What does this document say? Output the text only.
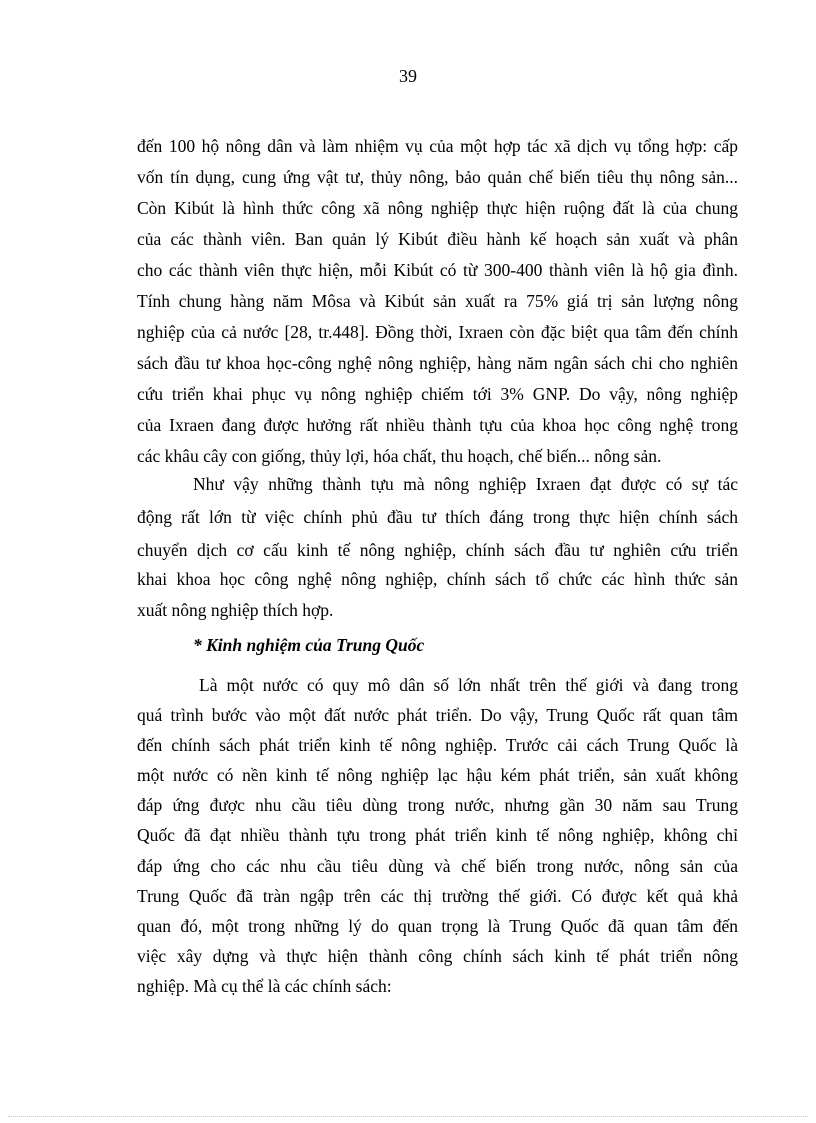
39
đến 100 hộ nông dân và làm nhiệm vụ của một hợp tác xã dịch vụ tổng hợp: cấp
vốn tín dụng, cung ứng vật tư, thủy nông, bảo quản chế biến tiêu thụ nông sản...
Còn Kibút là hình thức công xã nông nghiệp thực hiện ruộng đất là của chung
của các thành viên. Ban quản lý Kibút điều hành kế hoạch sản xuất và phân
cho các thành viên thực hiện, mỗi Kibút có từ 300-400 thành viên là hộ gia đình.
Tính chung hàng năm Môsa và Kibút sản xuất ra 75% giá trị sản lượng nông
nghiệp của cả nước [28, tr.448]. Đồng thời, Ixraen còn đặc biệt qua tâm đến chính
sách đầu tư khoa học-công nghệ nông nghiệp, hàng năm ngân sách chi cho nghiên
cứu triển khai phục vụ nông nghiệp chiếm tới 3% GNP. Do vậy, nông nghiệp
của Ixraen đang được hưởng rất nhiều thành tựu của khoa học công nghệ trong
các khâu cây con giống, thủy lợi, hóa chất, thu hoạch, chế biến... nông sản.
Như vậy những thành tựu mà nông nghiệp Ixraen đạt được có sự tác
động rất lớn từ việc chính phủ đầu tư thích đáng trong thực hiện chính sách
chuyển dịch cơ cấu kinh tế nông nghiệp, chính sách đầu tư nghiên cứu triển
khai khoa học công nghệ nông nghiệp, chính sách tổ chức các hình thức sản
xuất nông nghiệp thích hợp.
* Kinh nghiệm của Trung Quốc
Là một nước có quy mô dân số lớn nhất trên thế giới và đang trong
quá trình bước vào một đất nước phát triển. Do vậy, Trung Quốc rất quan tâm
đến chính sách phát triển kinh tế nông nghiệp. Trước cải cách Trung Quốc là
một nước có nền kinh tế nông nghiệp lạc hậu kém phát triển, sản xuất không
đáp ứng được nhu cầu tiêu dùng trong nước, nhưng gần 30 năm sau Trung
Quốc đã đạt nhiều thành tựu trong phát triển kinh tế nông nghiệp, không chỉ
đáp ứng cho các nhu cầu tiêu dùng và chế biến trong nước, nông sản của
Trung Quốc đã tràn ngập trên các thị trường thế giới. Có được kết quả khả
quan đó, một trong những lý do quan trọng là Trung Quốc đã quan tâm đến
việc xây dựng và thực hiện thành công chính sách kinh tế phát triển nông
nghiệp. Mà cụ thể là các chính sách:
